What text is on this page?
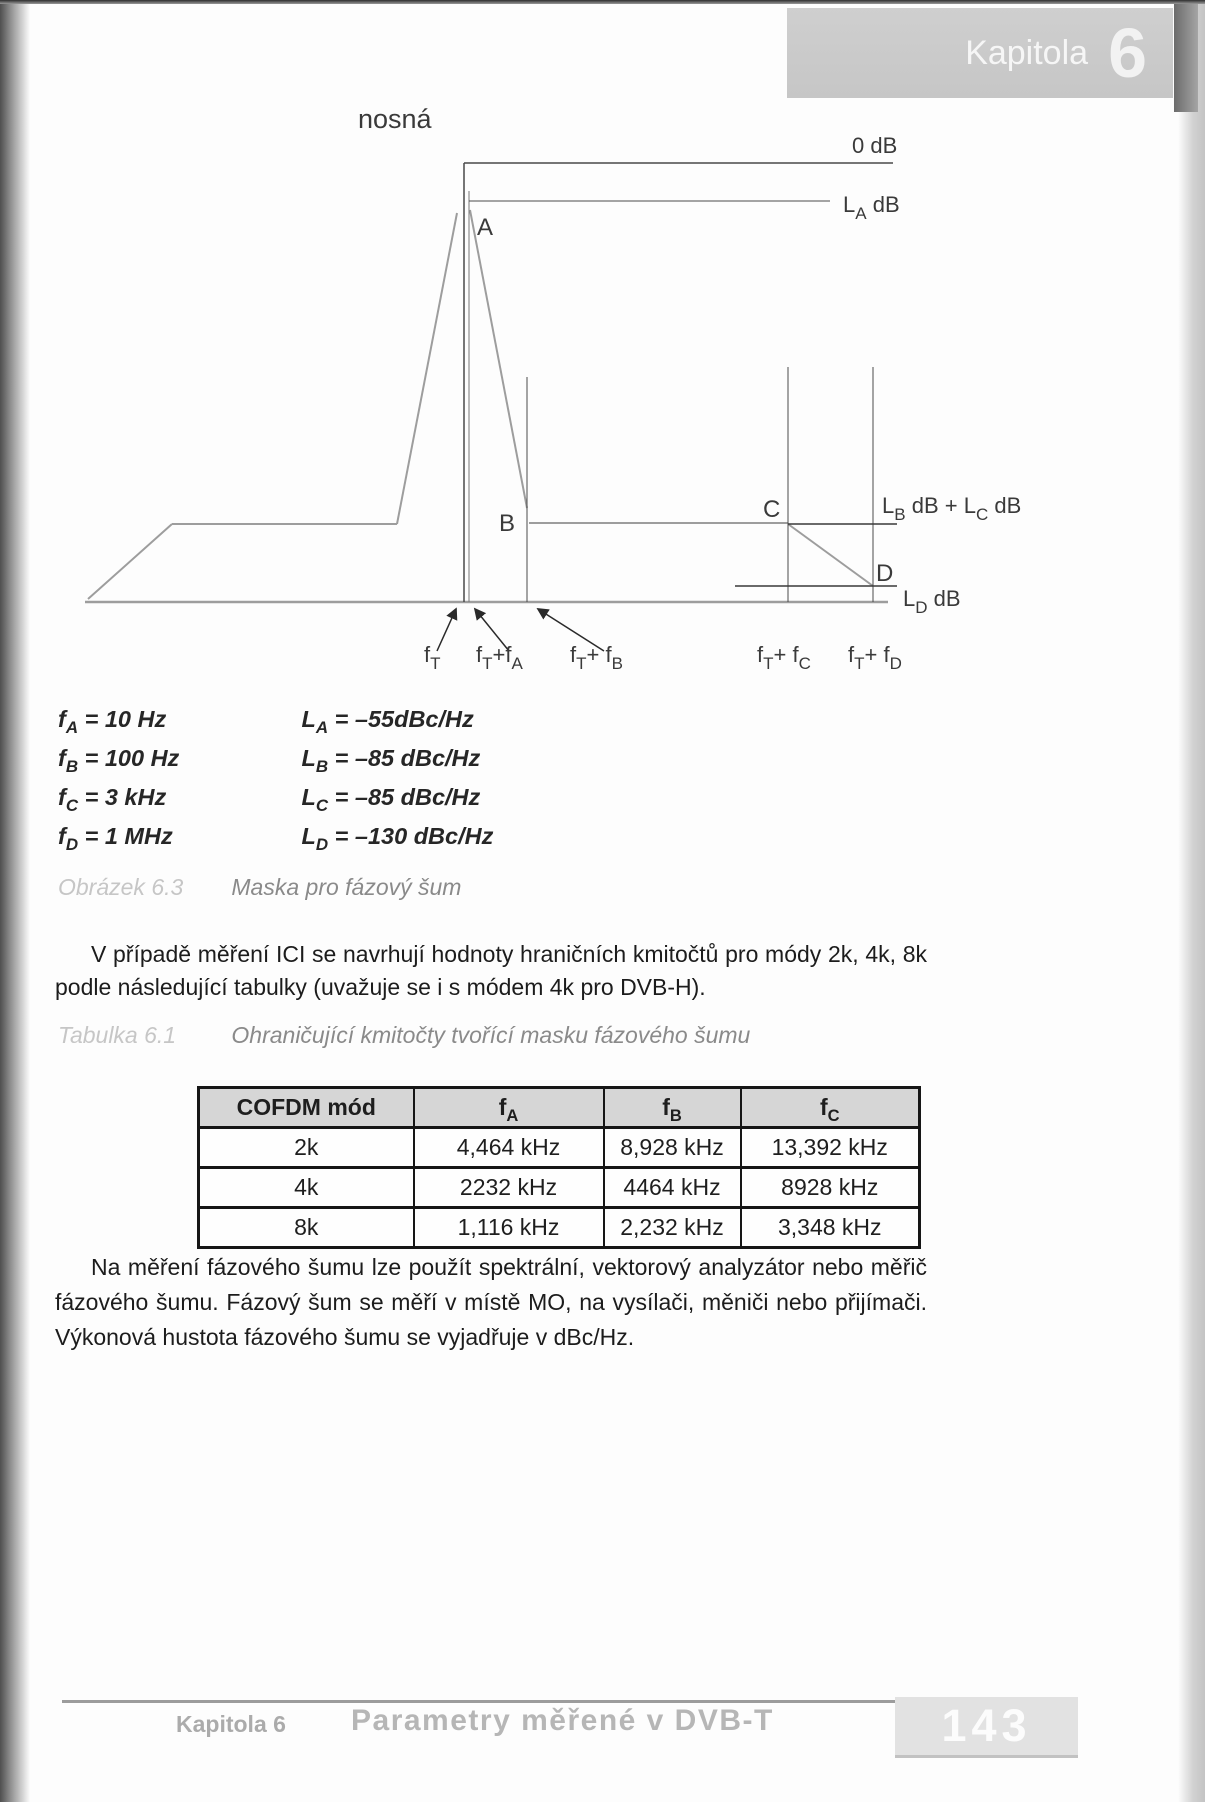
Kapitola 6
nosná
0 dB
$L_A$ dB
$L_B$ dB + $L_C$ dB
$L_D$ dB
A
B
C
D
$f_T$ $f_T+f_A$ $f_T+ f_B$	$f_T+ f_C$ $f_T+ f_D$
$f_A = 10$ Hz	$L_A = -55dBc/Hz$
$f_B = 100$ Hz	$L_B = -85$ dBc/Hz
$f_C = 3$ kHz	$L_C = -85$ dBc/Hz
$f_D = 1$ MHz	$L_D = -130$ dBc/Hz
Obrázek 6.3 Maska pro fázový šum
V případě měření ICI se navrhují hodnoty hraničních kmitočtů pro módy 2k, 4k, 8k
podle následující tabulky (uvažuje se i s módem 4k pro DVB-H).
Tabulka 6.1 Ohraničující kmitočty tvořící masku fázového šumu
COFDM mód	$f_A$	$f_B$	$f_C$
2k	4,464 kHz	8,928 kHz	13,392 kHz
4k	2232 kHz	4464 kHz	8928 kHz
8k	1,116 kHz	2,232 kHz	3,348 kHz
Na měření fázového šumu lze použít spektrální, vektorový analyzátor nebo měřič
fázového šumu. Fázový šum se měří v místě MO, na vysílači, měniči nebo přijímači.
Výkonová hustota fázového šumu se vyjadřuje v dBc/Hz.
Kapitola 6 Parametry měřené v DVB-T	143
